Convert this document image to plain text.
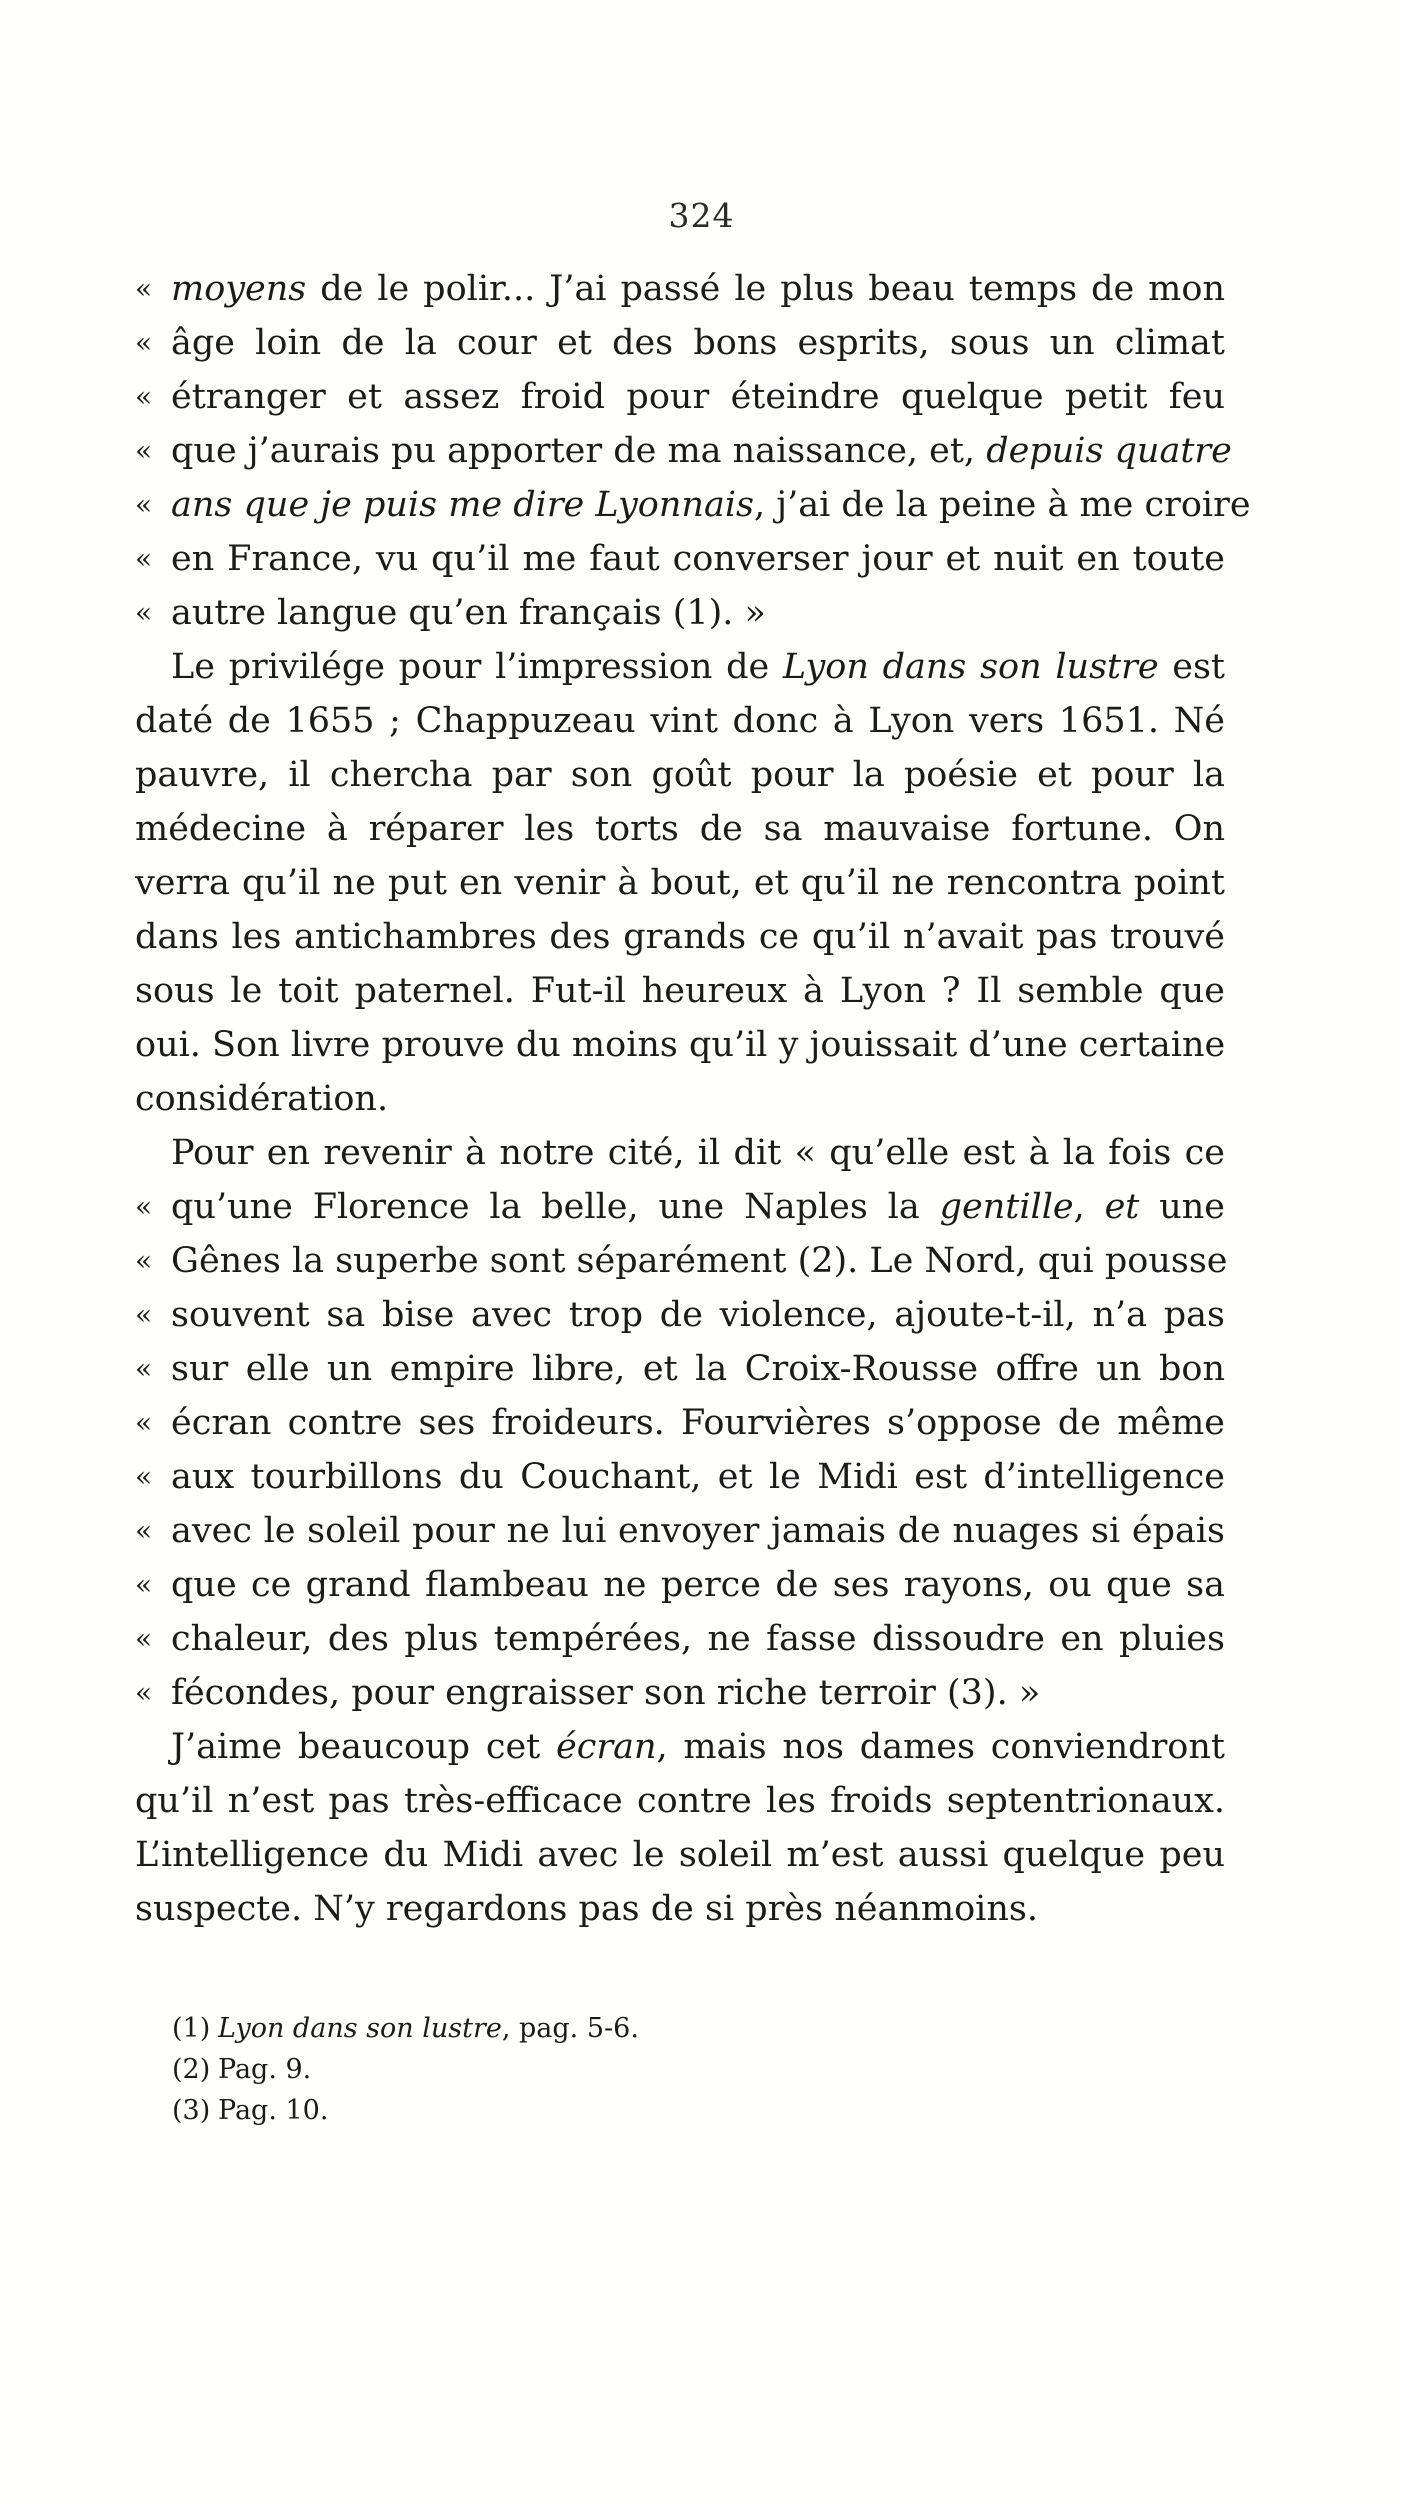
324
« moyens de le polir... J’ai passé le plus beau temps de mon
« âge loin de la cour et des bons esprits, sous un climat
« étranger et assez froid pour éteindre quelque petit feu
« que j’aurais pu apporter de ma naissance, et, depuis quatre
« ans que je puis me dire Lyonnais, j’ai de la peine à me croire
« en France, vu qu’il me faut converser jour et nuit en toute
« autre langue qu’en français (1). »
Le privilége pour l’impression de Lyon dans son lustre est
daté de 1655 ; Chappuzeau vint donc à Lyon vers 1651. Né
pauvre, il chercha par son goût pour la poésie et pour la
médecine à réparer les torts de sa mauvaise fortune. On
verra qu’il ne put en venir à bout, et qu’il ne rencontra point
dans les antichambres des grands ce qu’il n’avait pas trouvé
sous le toit paternel. Fut-il heureux à Lyon ? Il semble que
oui. Son livre prouve du moins qu’il y jouissait d’une certaine
considération.
Pour en revenir à notre cité, il dit « qu’elle est à la fois ce
« qu’une Florence la belle, une Naples la gentille, et une
« Gênes la superbe sont séparément (2). Le Nord, qui pousse
« souvent sa bise avec trop de violence, ajoute-t-il, n’a pas
« sur elle un empire libre, et la Croix-Rousse offre un bon
« écran contre ses froideurs. Fourvières s’oppose de même
« aux tourbillons du Couchant, et le Midi est d’intelligence
« avec le soleil pour ne lui envoyer jamais de nuages si épais
« que ce grand flambeau ne perce de ses rayons, ou que sa
« chaleur, des plus tempérées, ne fasse dissoudre en pluies
« fécondes, pour engraisser son riche terroir (3). »
J’aime beaucoup cet écran, mais nos dames conviendront
qu’il n’est pas très-efficace contre les froids septentrionaux.
L’intelligence du Midi avec le soleil m’est aussi quelque peu
suspecte. N’y regardons pas de si près néanmoins.
(1) Lyon dans son lustre, pag. 5-6.
(2) Pag. 9.
(3) Pag. 10.
